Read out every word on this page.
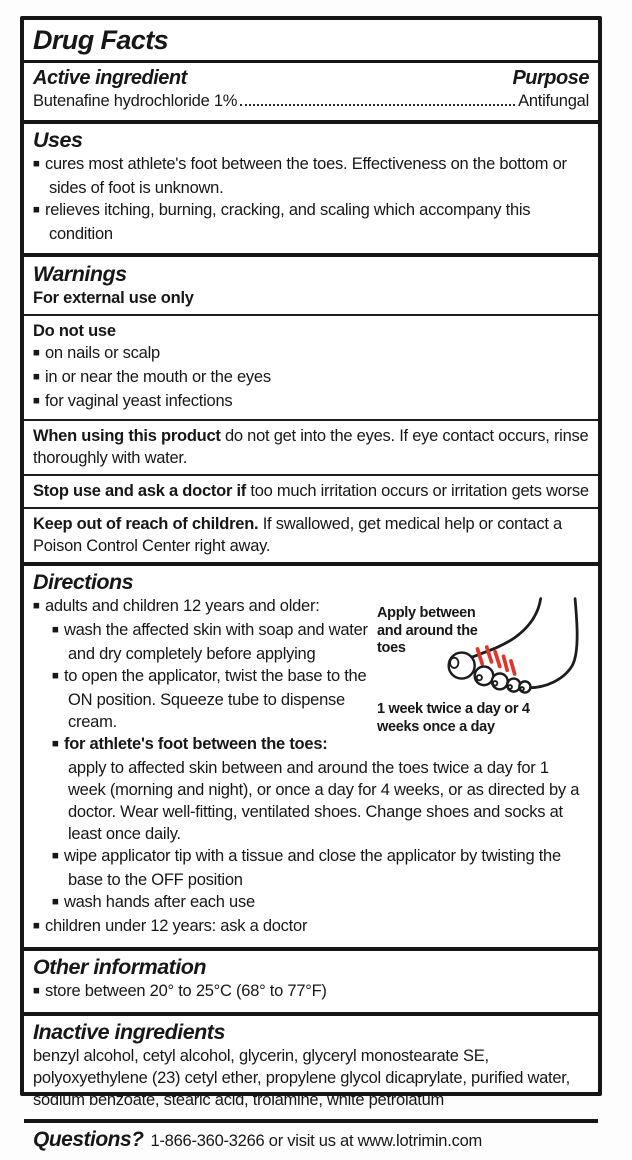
Drug Facts
Active ingredient	Purpose
Butenafine hydrochloride 1%	Antifungal
Uses
■ cures most athlete's foot between the toes. Effectiveness on the bottom or sides of foot is unknown.
■ relieves itching, burning, cracking, and scaling which accompany this condition
Warnings

For external use only

Do not use

■ on nails or scalp
■ in or near the mouth or the eyes
■ for vaginal yeast infections

When using this product do not get into the eyes. If eye contact occurs, rinse thoroughly with water.

Stop use and ask a doctor if too much irritation occurs or irritation gets worse

Keep out of reach of children. If swallowed, get medical help or contact a Poison Control Center right away.

Directions
Apply between and around the toes
1 week twice a day or 4 weeks once a day
■ adults and children 12 years and older:
■ wash the affected skin with soap and water and dry completely before applying
■ to open the applicator, twist the base to the ON position. Squeeze tube to dispense cream.
■ for athlete's foot between the toes: apply to affected skin between and around the toes twice a day for 1 week (morning and night), or once a day for 4 weeks, or as directed by a doctor. Wear well-fitting, ventilated shoes. Change shoes and socks at least once daily.
■ wipe applicator tip with a tissue and close the applicator by twisting the base to the OFF position
■ wash hands after each use
■ children under 12 years: ask a doctor
Other information
■ store between 20° to 25°C (68° to 77°F)
Inactive ingredients

benzyl alcohol, cetyl alcohol, glycerin, glyceryl monostearate SE, polyoxyethylene (23) cetyl ether, propylene glycol dicaprylate, purified water, sodium benzoate, stearic acid, trolamine, white petrolatum

Questions? 1-866-360-3266 or visit us at www.lotrimin.com
